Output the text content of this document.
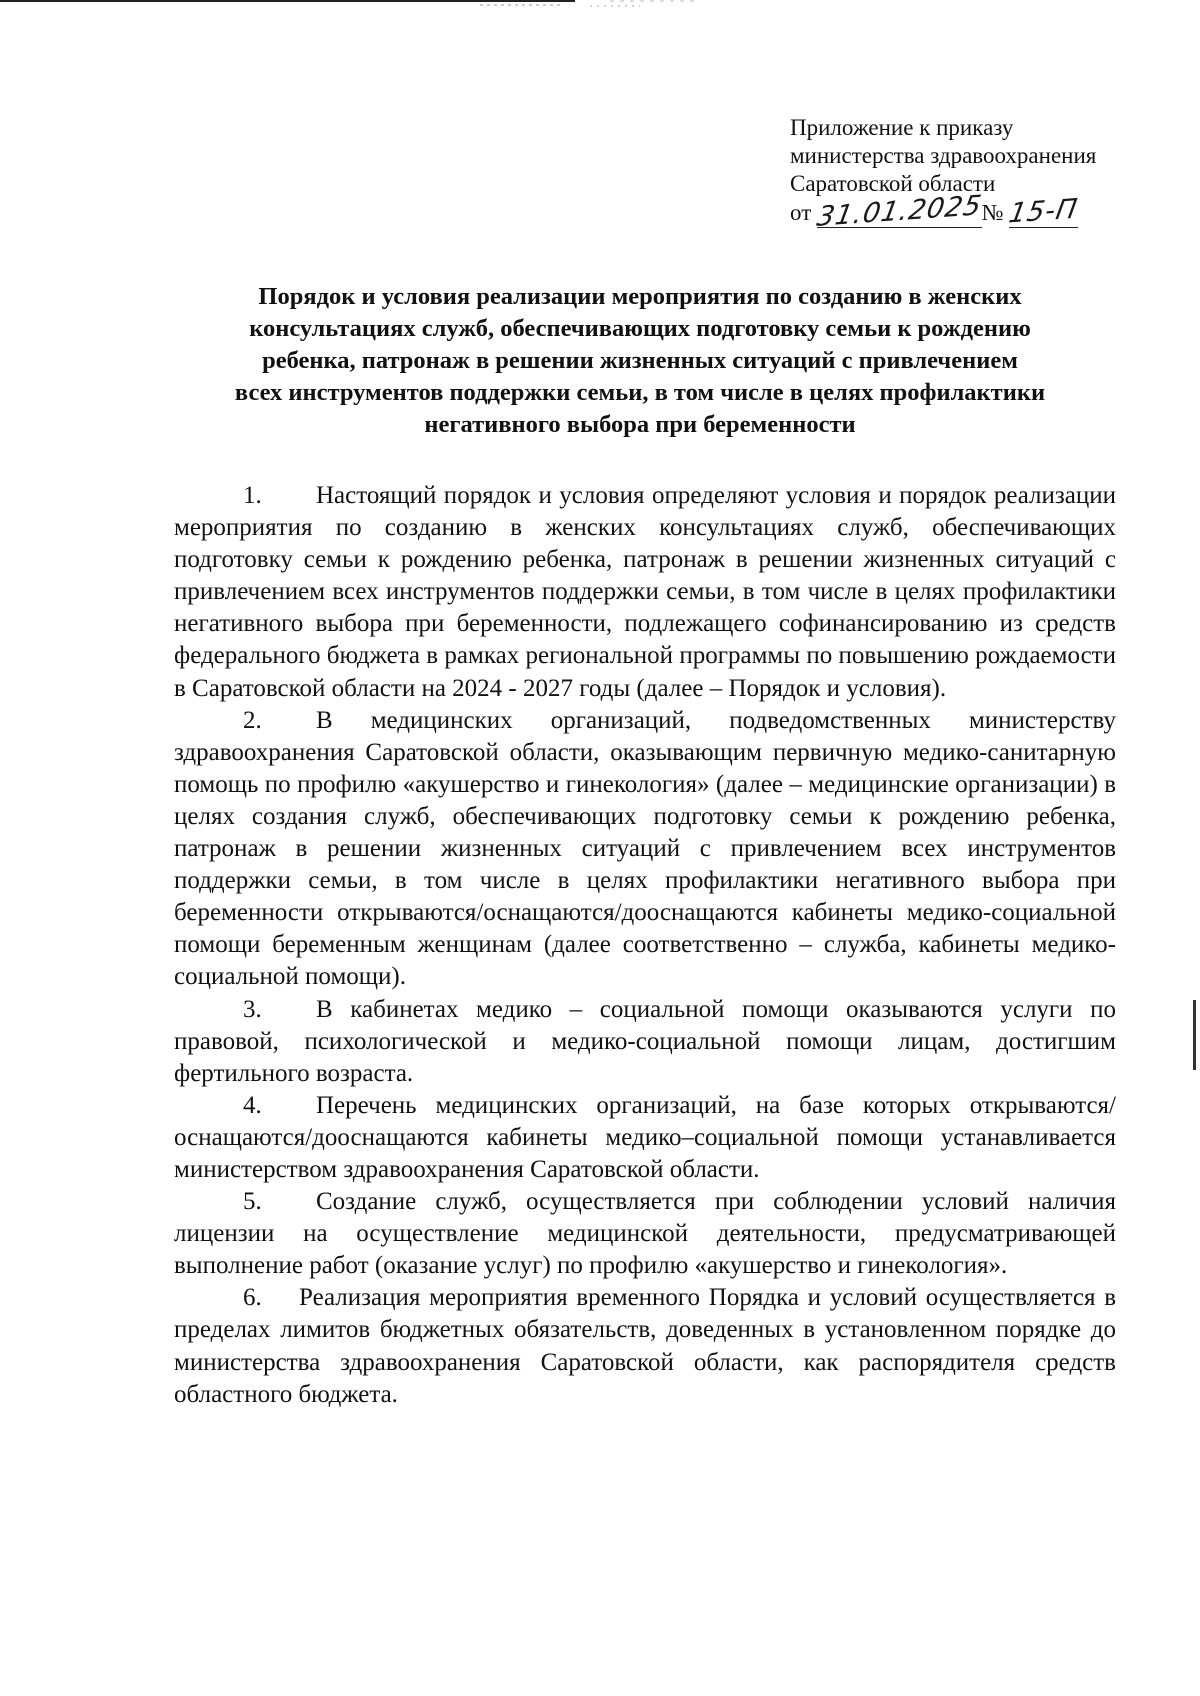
Приложение к приказу
министерства здравоохранения
Саратовской области
от 31.01.2025№ 15-П
Порядок и условия реализации мероприятия по созданию в женских
консультациях служб, обеспечивающих подготовку семьи к рождению
ребенка, патронаж в решении жизненных ситуаций с привлечением
всех инструментов поддержки семьи, в том числе в целях профилактики
негативного выбора при беременности

1. Настоящий порядок и условия определяют условия и порядок реализации мероприятия по созданию в женских консультациях служб, обеспечивающих подготовку семьи к рождению ребенка, патронаж в решении жизненных ситуаций с привлечением всех инструментов поддержки семьи, в том числе в целях профилактики негативного выбора при беременности, подлежащего софинансированию из средств федерального бюджета в рамках региональной программы по повышению рождаемости в Саратовской области на 2024 - 2027 годы (далее – Порядок и условия).

2. В медицинских организаций, подведомственных министерству здравоохранения Саратовской области, оказывающим первичную медико-санитарную помощь по профилю «акушерство и гинекология» (далее – медицинские организации) в целях создания служб, обеспечивающих подготовку семьи к рождению ребенка, патронаж в решении жизненных ситуаций с привлечением всех инструментов поддержки семьи, в том числе в целях профилактики негативного выбора при беременности открываются/оснащаются/дооснащаются кабинеты медико-социальной помощи беременным женщинам (далее соответственно – служба, кабинеты медико-социальной помощи).

3. В кабинетах медико – социальной помощи оказываются услуги по правовой, психологической и медико-социальной помощи лицам, достигшим фертильного возраста.

4. Перечень медицинских организаций, на базе которых открываются/оснащаются/дооснащаются кабинеты медико–социальной помощи устанавливается министерством здравоохранения Саратовской области.

5. Создание служб, осуществляется при соблюдении условий наличия лицензии на осуществление медицинской деятельности, предусматривающей выполнение работ (оказание услуг) по профилю «акушерство и гинекология».

6. Реализация мероприятия временного Порядка и условий осуществляется в пределах лимитов бюджетных обязательств, доведенных в установленном порядке до министерства здравоохранения Саратовской области, как распорядителя средств областного бюджета.
